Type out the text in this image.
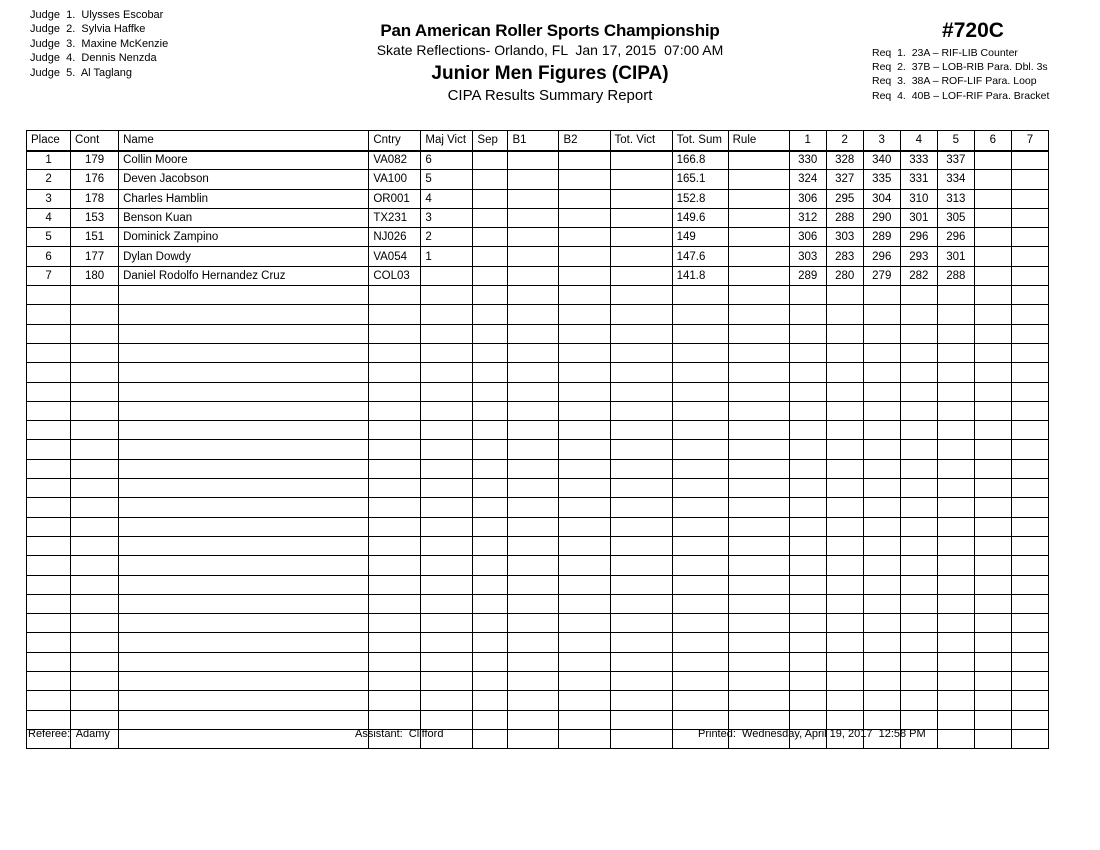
Judge 1. Ulysses Escobar
Judge 2. Sylvia Haffke
Judge 3. Maxine McKenzie
Judge 4. Dennis Nenzda
Judge 5. Al Taglang
Pan American Roller Sports Championship
Skate Reflections- Orlando, FL  Jan 17, 2015  07:00 AM
Junior Men Figures (CIPA)
CIPA Results Summary Report
#720C
Req  1.  23A – RIF-LIB Counter
Req  2.  37B – LOB-RIB Para. Dbl. 3s
Req  3.  38A – ROF-LIF Para. Loop
Req  4.  40B – LOF-RIF Para. Bracket
Place	Cont	Name	Cntry	Maj Vict	Sep	B1	B2	Tot. Vict	Tot. Sum	Rule	1	2	3	4	5	6	7
1	179	Collin Moore	VA082	6					166.8		330	328	340	333	337		
2	176	Deven Jacobson	VA100	5					165.1		324	327	335	331	334		
3	178	Charles Hamblin	OR001	4					152.8		306	295	304	310	313		
4	153	Benson Kuan	TX231	3					149.6		312	288	290	301	305		
5	151	Dominick Zampino	NJ026	2					149		306	303	289	296	296		
6	177	Dylan Dowdy	VA054	1					147.6		303	283	296	293	301		
7	180	Daniel Rodolfo Hernandez Cruz	COL03						141.8		289	280	279	282	288		

Referee:  Adamy	Assistant:  Clifford	Printed:  Wednesday, April 19, 2017  12:58 PM
